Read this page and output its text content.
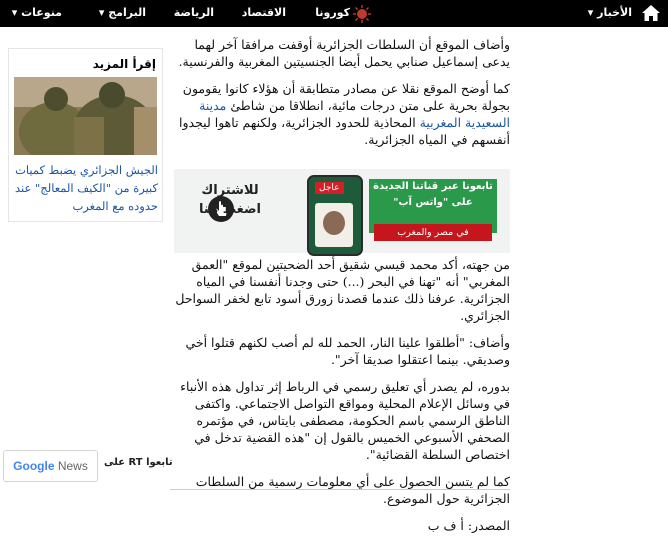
الأخبار ▾
كورونا
الاقتصاد
الرياضة
البرامج ▾
منوعات ▾
إقرأ المزيد
الجيش الجزائري يضبط كميات كبيرة من "الكيف المعالج" عند حدوده مع المغرب

وأضاف الموقع أن السلطات الجزائرية أوقفت مرافقا آخر لهما يدعى إسماعيل صنابي يحمل أيضا الجنسيتين المغربية والفرنسية.

كما أوضح الموقع نقلا عن مصادر متطابقة أن هؤلاء كانوا يقومون بجولة بحرية على متن درجات مائية، انطلاقا من شاطئ مدينة السعيدية المغربية المحاذية للحدود الجزائرية، ولكنهم تاهوا ليجدوا أنفسهم في المياه الجزائرية.

من جهته، أكد محمد قيسي شقيق أحد الضحيتين لموقع "العمق المغربي" أنه "تهنا في البحر (...) حتى وجدنا أنفسنا في المياه الجزائرية. عرفنا ذلك عندما قصدنا زورق أسود تابع لخفر السواحل الجزائري.

وأضاف: "أطلقوا علينا النار، الحمد لله لم أصب لكنهم قتلوا أخي وصديقي. بينما اعتقلوا صديقا آخر".

بدوره، لم يصدر أي تعليق رسمي في الرباط إثر تداول هذه الأنباء في وسائل الإعلام المحلية ومواقع التواصل الاجتماعي. واكتفى الناطق الرسمي باسم الحكومة، مصطفى بايتاس، في مؤتمره الصحفي الأسبوعي الخميس بالقول إن "هذه القضية تدخل في اختصاص السلطة القضائية".

كما لم يتسن الحصول على أي معلومات رسمية من السلطات الجزائرية حول الموضوع.

المصدر: أ ف ب

للاشتراك
اضغط هنا
عاجل	تابعونا عبر قناتنا الجديدة
على "واتس آب"
في مصر والمغرب
Google News	تابعوا RT على
